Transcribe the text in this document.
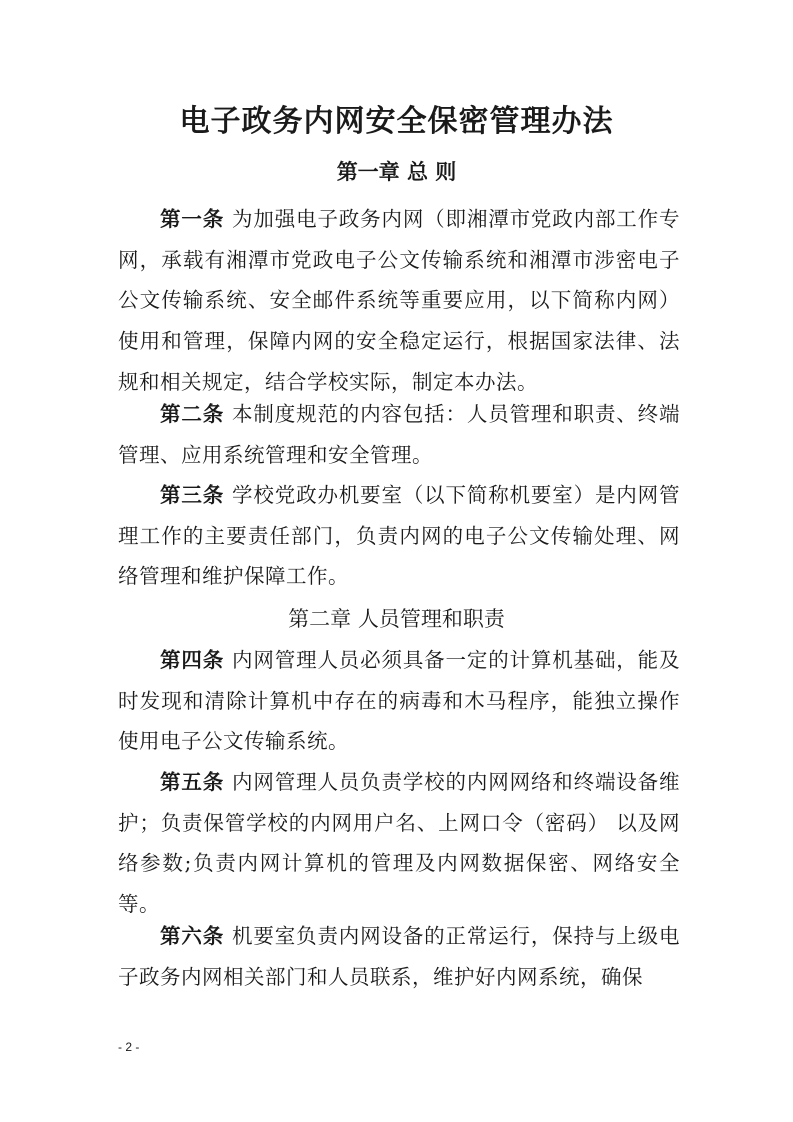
电子政务内网安全保密管理办法
第一章 总 则
第一条 为加强电子政务内网（即湘潭市党政内部工作专网，承载有湘潭市党政电子公文传输系统和湘潭市涉密电子公文传输系统、安全邮件系统等重要应用，以下简称内网）使用和管理，保障内网的安全稳定运行，根据国家法律、法规和相关规定，结合学校实际，制定本办法。
第二条 本制度规范的内容包括：人员管理和职责、终端管理、应用系统管理和安全管理。
第三条 学校党政办机要室（以下简称机要室）是内网管理工作的主要责任部门，负责内网的电子公文传输处理、网络管理和维护保障工作。
第二章 人员管理和职责
第四条 内网管理人员必须具备一定的计算机基础，能及时发现和清除计算机中存在的病毒和木马程序，能独立操作使用电子公文传输系统。
第五条 内网管理人员负责学校的内网网络和终端设备维护；负责保管学校的内网用户名、上网口令（密码） 以及网络参数;负责内网计算机的管理及内网数据保密、网络安全等。
第六条 机要室负责内网设备的正常运行，保持与上级电子政务内网相关部门和人员联系，维护好内网系统，确保
- 2 -
